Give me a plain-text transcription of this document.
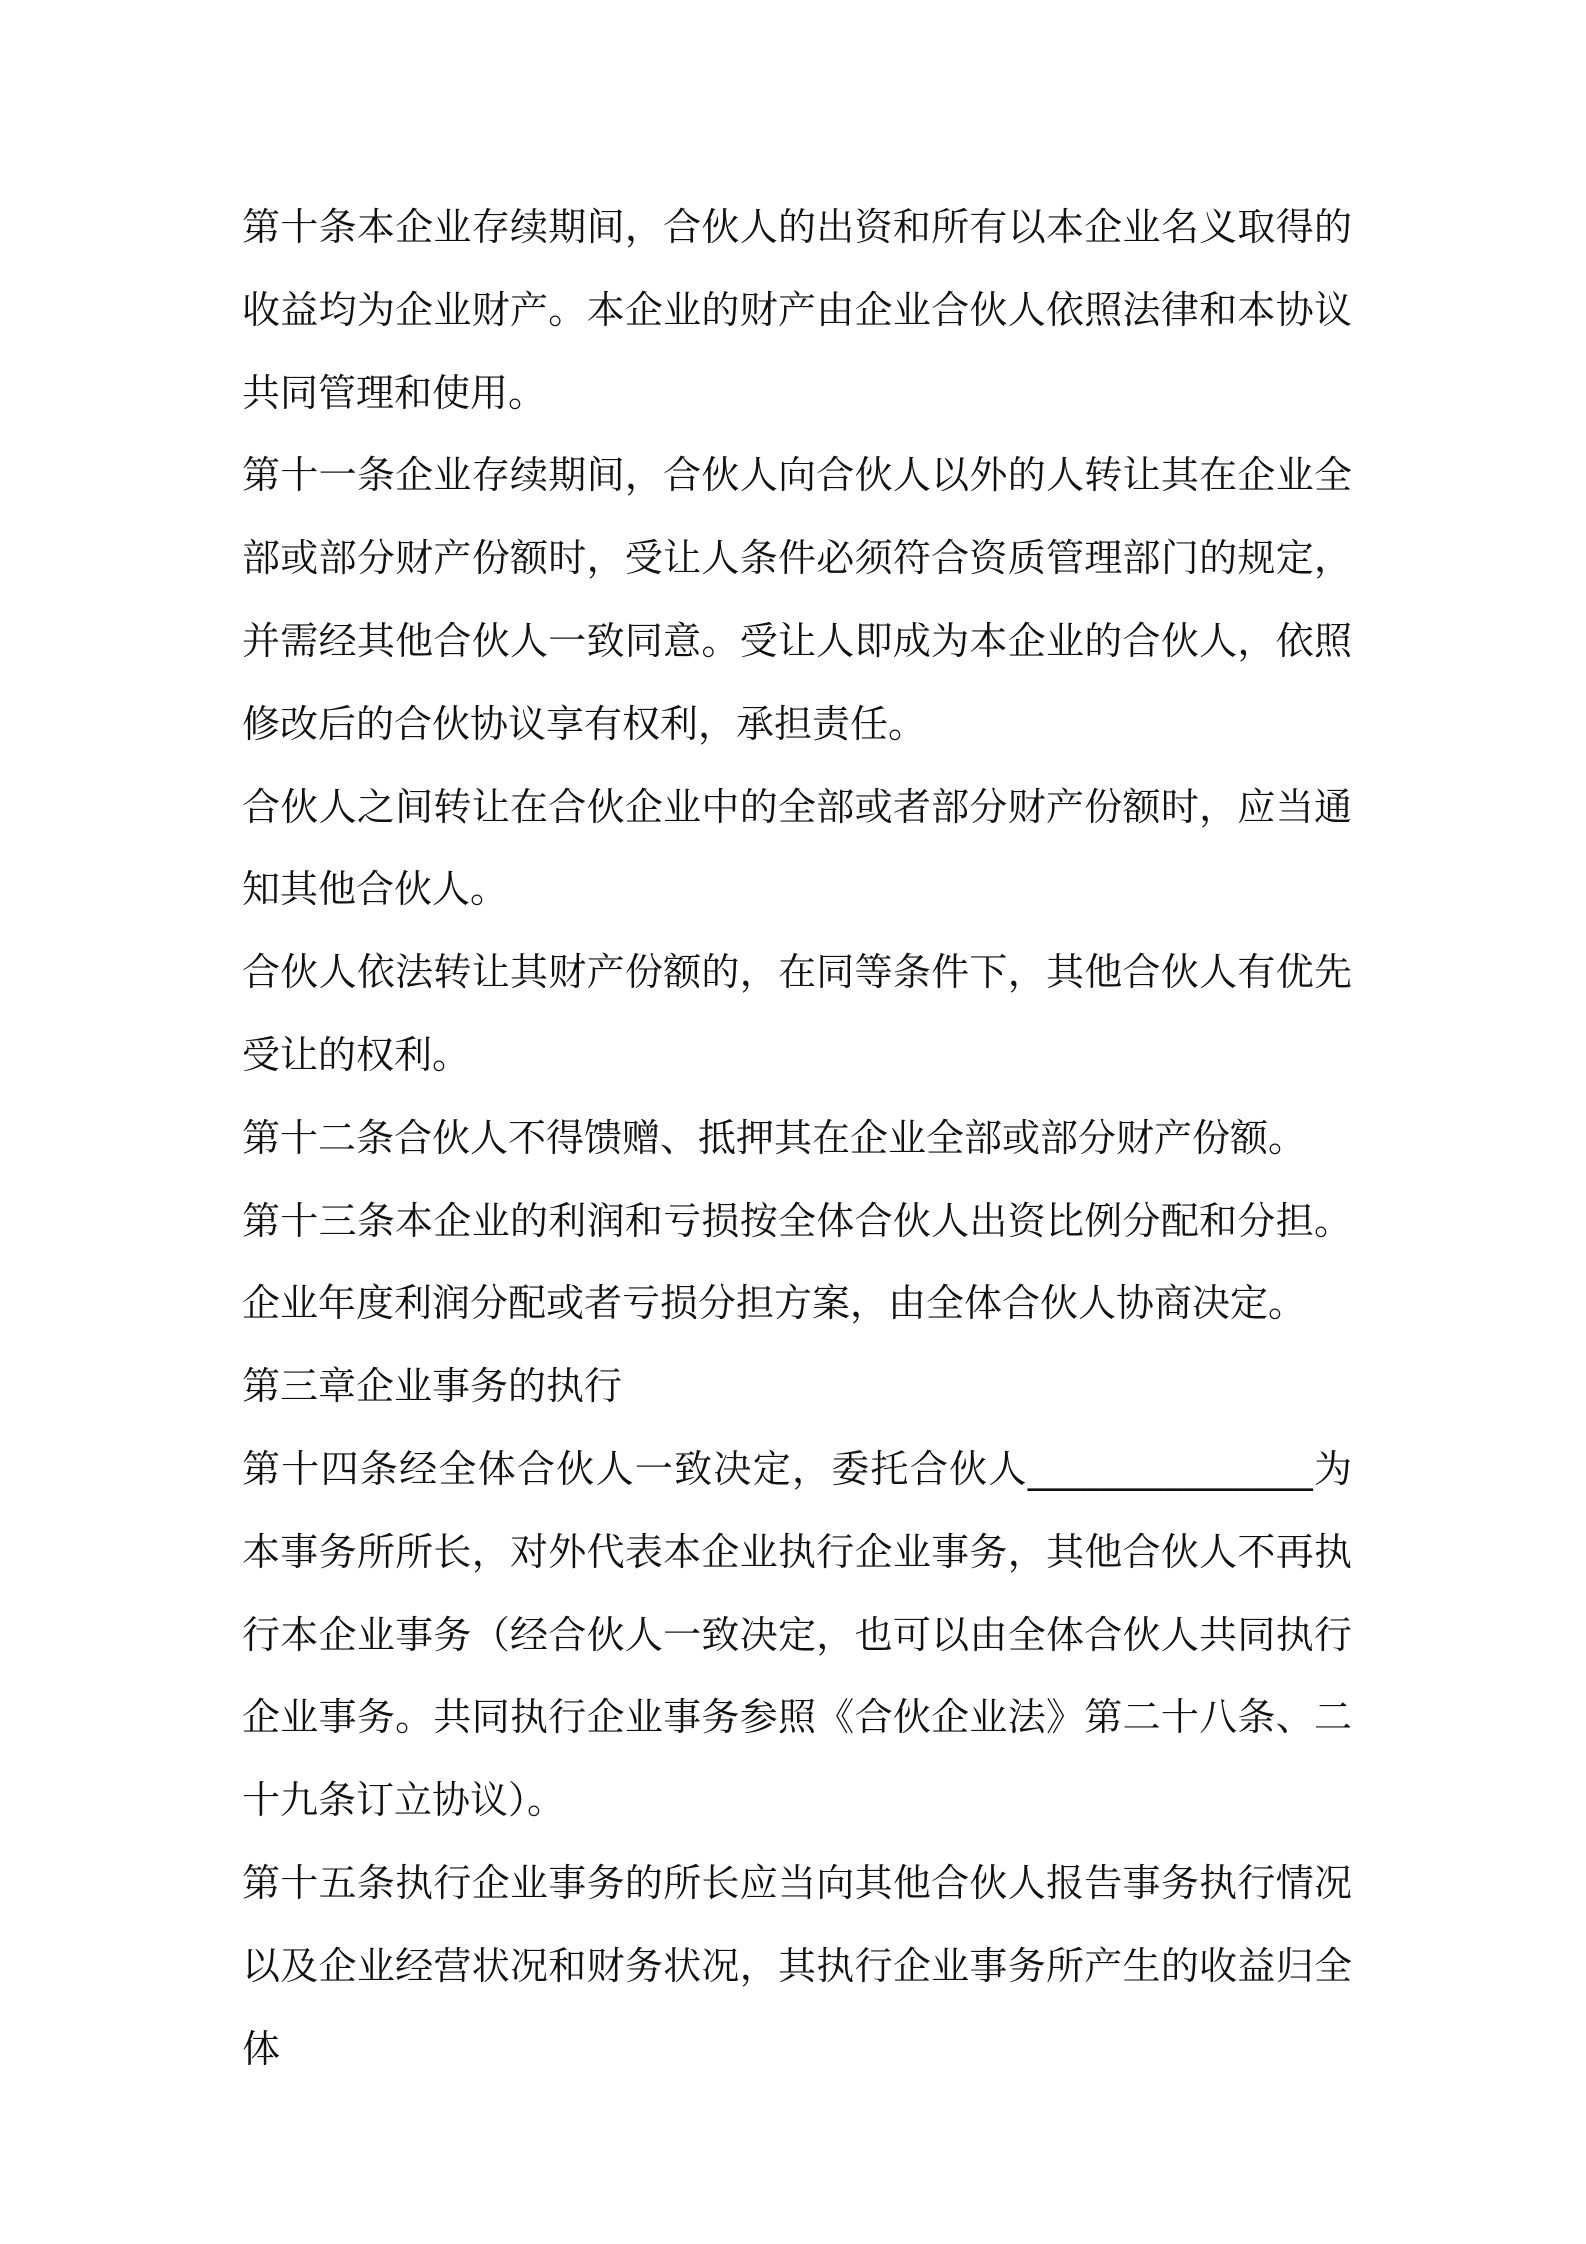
第十条本企业存续期间，合伙人的出资和所有以本企业名义取得的收益均为企业财产。本企业的财产由企业合伙人依照法律和本协议共同管理和使用。

第十一条企业存续期间，合伙人向合伙人以外的人转让其在企业全部或部分财产份额时，受让人条件必须符合资质管理部门的规定，并需经其他合伙人一致同意。受让人即成为本企业的合伙人，依照修改后的合伙协议享有权利，承担责任。

合伙人之间转让在合伙企业中的全部或者部分财产份额时，应当通知其他合伙人。

合伙人依法转让其财产份额的，在同等条件下，其他合伙人有优先受让的权利。

第十二条合伙人不得馈赠、抵押其在企业全部或部分财产份额。

第十三条本企业的利润和亏损按全体合伙人出资比例分配和分担。企业年度利润分配或者亏损分担方案，由全体合伙人协商决定。

第三章企业事务的执行

第十四条经全体合伙人一致决定，委托合伙人_______________为本事务所所长，对外代表本企业执行企业事务，其他合伙人不再执行本企业事务（经合伙人一致决定，也可以由全体合伙人共同执行企业事务。共同执行企业事务参照《合伙企业法》第二十八条、二十九条订立协议）。

第十五条执行企业事务的所长应当向其他合伙人报告事务执行情况以及企业经营状况和财务状况，其执行企业事务所产生的收益归全体
